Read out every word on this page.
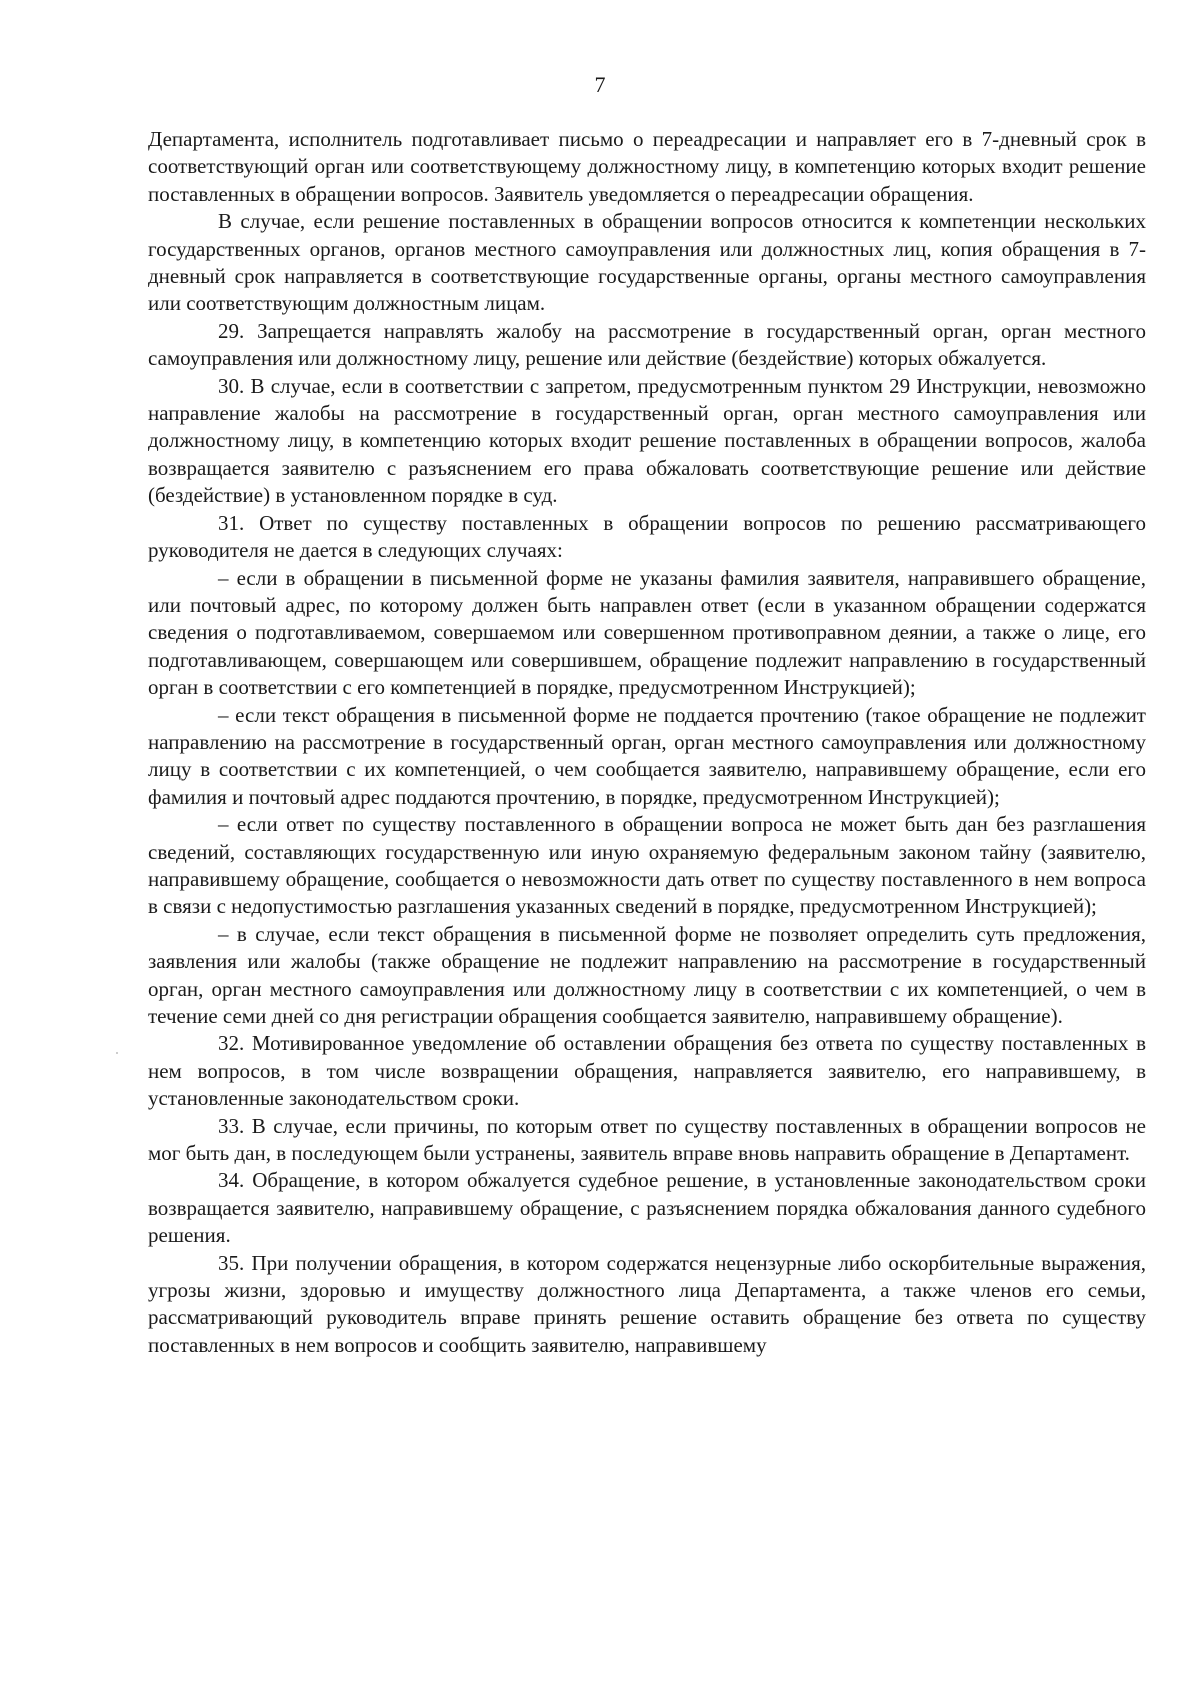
7

Департамента, исполнитель подготавливает письмо о переадресации и направляет его в 7-дневный срок в соответствующий орган или соответствующему должностному лицу, в компетенцию которых входит решение поставленных в обращении вопросов. Заявитель уведомляется о переадресации обращения.

В случае, если решение поставленных в обращении вопросов относится к компетенции нескольких государственных органов, органов местного самоуправления или должностных лиц, копия обращения в 7-дневный срок направляется в соответствующие государственные органы, органы местного самоуправления или соответствующим должностным лицам.

29. Запрещается направлять жалобу на рассмотрение в государственный орган, орган местного самоуправления или должностному лицу, решение или действие (бездействие) которых обжалуется.

30. В случае, если в соответствии с запретом, предусмотренным пунктом 29 Инструкции, невозможно направление жалобы на рассмотрение в государственный орган, орган местного самоуправления или должностному лицу, в компетенцию которых входит решение поставленных в обращении вопросов, жалоба возвращается заявителю с разъяснением его права обжаловать соответствующие решение или действие (бездействие) в установленном порядке в суд.

31. Ответ по существу поставленных в обращении вопросов по решению рассматривающего руководителя не дается в следующих случаях:

– если в обращении в письменной форме не указаны фамилия заявителя, направившего обращение, или почтовый адрес, по которому должен быть направлен ответ (если в указанном обращении содержатся сведения о подготавливаемом, совершаемом или совершенном противоправном деянии, а также о лице, его подготавливающем, совершающем или совершившем, обращение подлежит направлению в государственный орган в соответствии с его компетенцией в порядке, предусмотренном Инструкцией);

– если текст обращения в письменной форме не поддается прочтению (такое обращение не подлежит направлению на рассмотрение в государственный орган, орган местного самоуправления или должностному лицу в соответствии с их компетенцией, о чем сообщается заявителю, направившему обращение, если его фамилия и почтовый адрес поддаются прочтению, в порядке, предусмотренном Инструкцией);

– если ответ по существу поставленного в обращении вопроса не может быть дан без разглашения сведений, составляющих государственную или иную охраняемую федеральным законом тайну (заявителю, направившему обращение, сообщается о невозможности дать ответ по существу поставленного в нем вопроса в связи с недопустимостью разглашения указанных сведений в порядке, предусмотренном Инструкцией);

– в случае, если текст обращения в письменной форме не позволяет определить суть предложения, заявления или жалобы (также обращение не подлежит направлению на рассмотрение в государственный орган, орган местного самоуправления или должностному лицу в соответствии с их компетенцией, о чем в течение семи дней со дня регистрации обращения сообщается заявителю, направившему обращение).

32. Мотивированное уведомление об оставлении обращения без ответа по существу поставленных в нем вопросов, в том числе возвращении обращения, направляется заявителю, его направившему, в установленные законодательством сроки.

33. В случае, если причины, по которым ответ по существу поставленных в обращении вопросов не мог быть дан, в последующем были устранены, заявитель вправе вновь направить обращение в Департамент.

34. Обращение, в котором обжалуется судебное решение, в установленные законодательством сроки возвращается заявителю, направившему обращение, с разъяснением порядка обжалования данного судебного решения.

35. При получении обращения, в котором содержатся нецензурные либо оскорбительные выражения, угрозы жизни, здоровью и имуществу должностного лица Департамента, а также членов его семьи, рассматривающий руководитель вправе принять решение оставить обращение без ответа по существу поставленных в нем вопросов и сообщить заявителю, направившему
